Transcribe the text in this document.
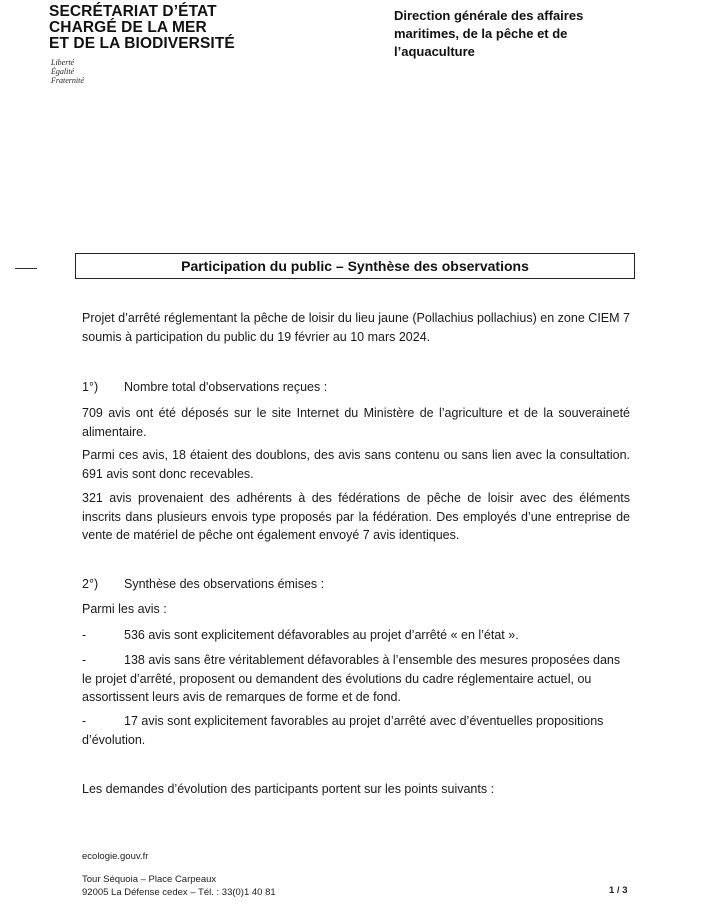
SECRÉTARIAT D’ÉTAT
CHARGÉ DE LA MER
ET DE LA BIODIVERSITÉ
Liberté
Égalité
Fraternité
Direction générale des affaires
maritimes, de la pêche et de
l’aquaculture
Participation du public – Synthèse des observations
Projet d’arrêté réglementant la pêche de loisir du lieu jaune (Pollachius pollachius) en zone CIEM 7 soumis à participation du public du 19 février au 10 mars 2024.
1°) Nombre total d'observations reçues :
709 avis ont été déposés sur le site Internet du Ministère de l’agriculture et de la souveraineté alimentaire.
Parmi ces avis, 18 étaient des doublons, des avis sans contenu ou sans lien avec la consultation. 691 avis sont donc recevables.
321 avis provenaient des adhérents à des fédérations de pêche de loisir avec des éléments inscrits dans plusieurs envois type proposés par la fédération. Des employés d’une entreprise de vente de matériel de pêche ont également envoyé 7 avis identiques.
2°) Synthèse des observations émises :
Parmi les avis :
-	536 avis sont explicitement défavorables au projet d’arrêté « en l’état ».
-	138 avis sans être véritablement défavorables à l’ensemble des mesures proposées dans le projet d’arrêté, proposent ou demandent des évolutions du cadre réglementaire actuel, ou assortissent leurs avis de remarques de forme et de fond.
-	17 avis sont explicitement favorables au projet d’arrêté avec d’éventuelles propositions d’évolution.
Les demandes d’évolution des participants portent sur les points suivants :
ecologie.gouv.fr
Tour Séquoia – Place Carpeaux
92005 La Défense cedex – Tél. : 33(0)1 40 81	1 / 3
